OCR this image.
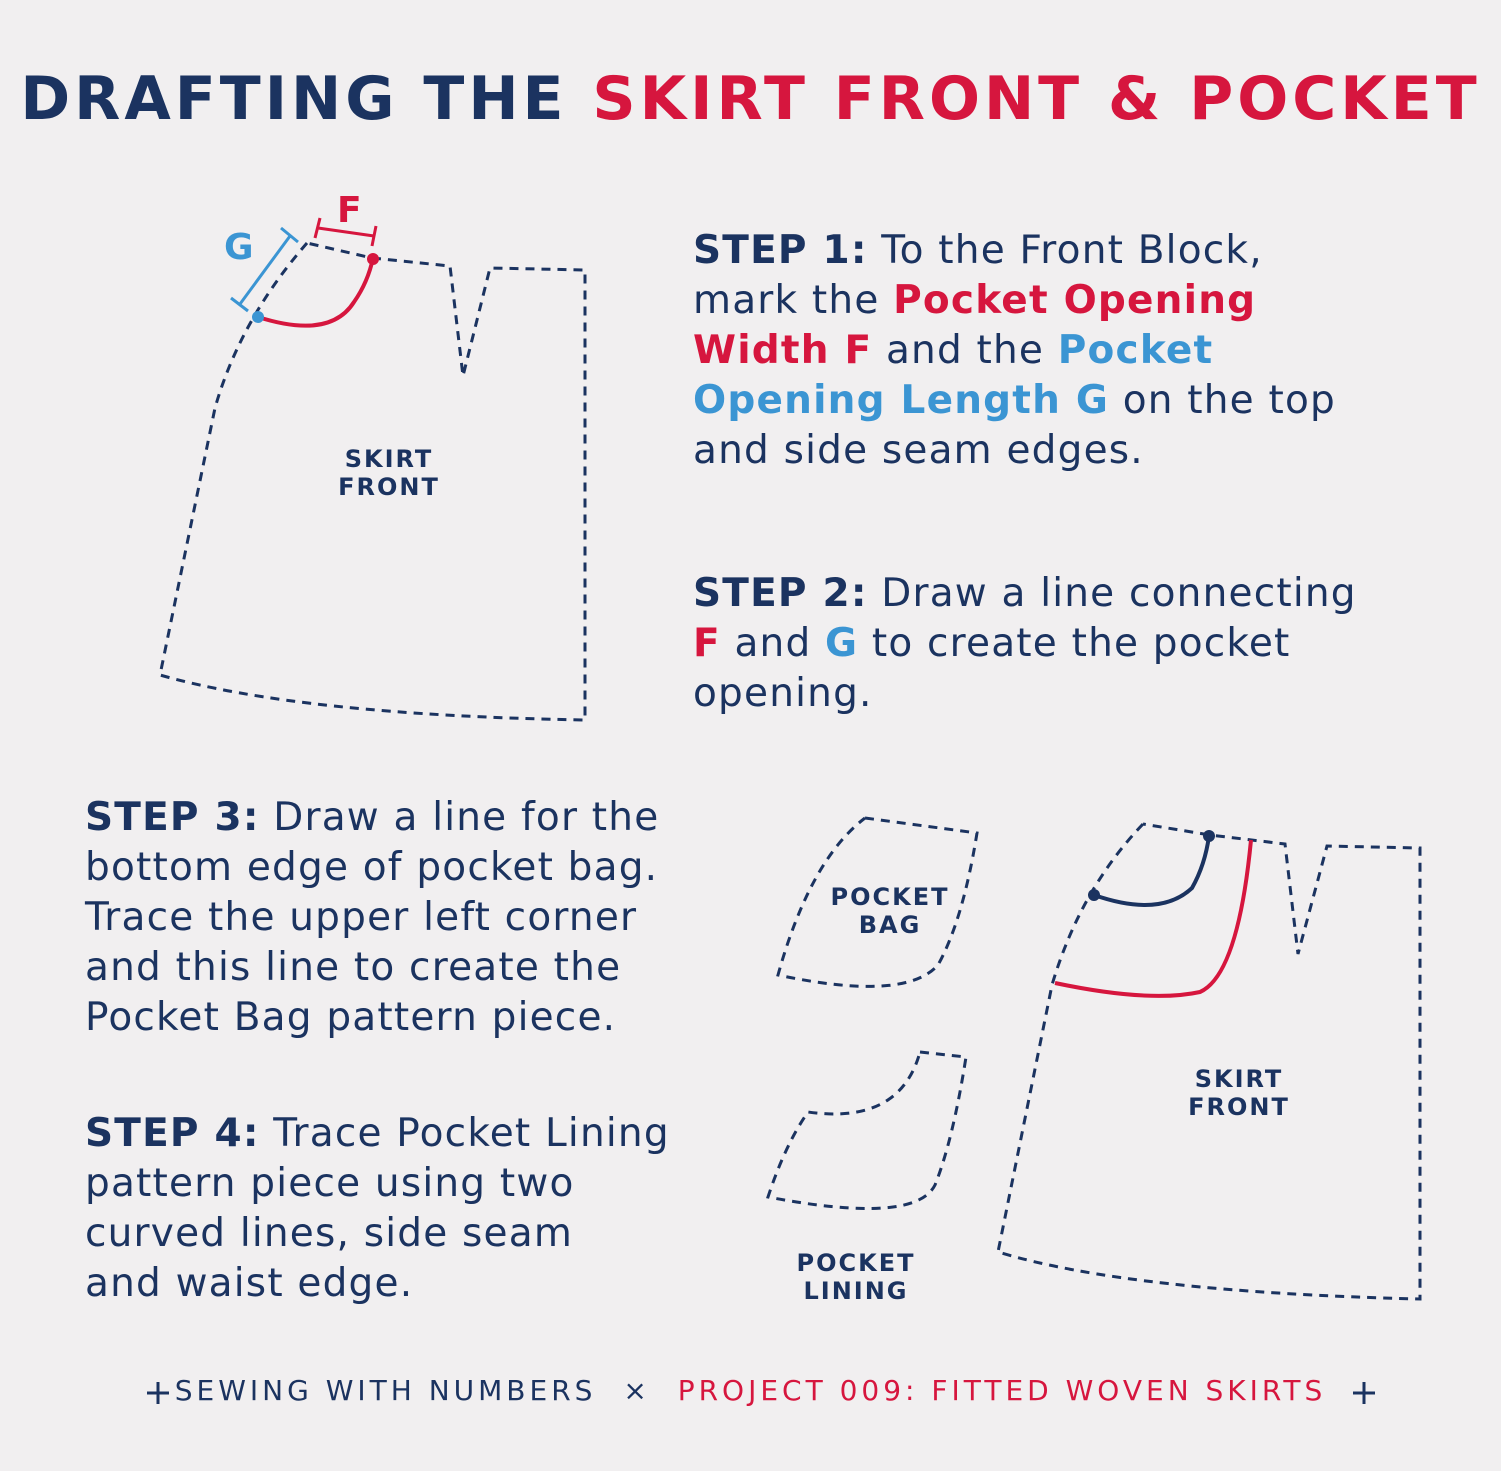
DRAFTING THE SKIRT FRONT & POCKET
F
G
SKIRT
FRONT
POCKET
BAG
POCKET
LINING
SKIRT
FRONT
STEP 1: To the Front Block,
mark the Pocket Opening
Width F and the Pocket
Opening Length G on the top
and side seam edges.
STEP 2: Draw a line connecting
F and G to create the pocket
opening.
STEP 3: Draw a line for the
bottom edge of pocket bag.
Trace the upper left corner
and this line to create the
Pocket Bag pattern piece.
STEP 4: Trace Pocket Lining
pattern piece using two
curved lines, side seam
and waist edge.
SEWING WITH NUMBERS × PROJECT 009: FITTED WOVEN SKIRTS
